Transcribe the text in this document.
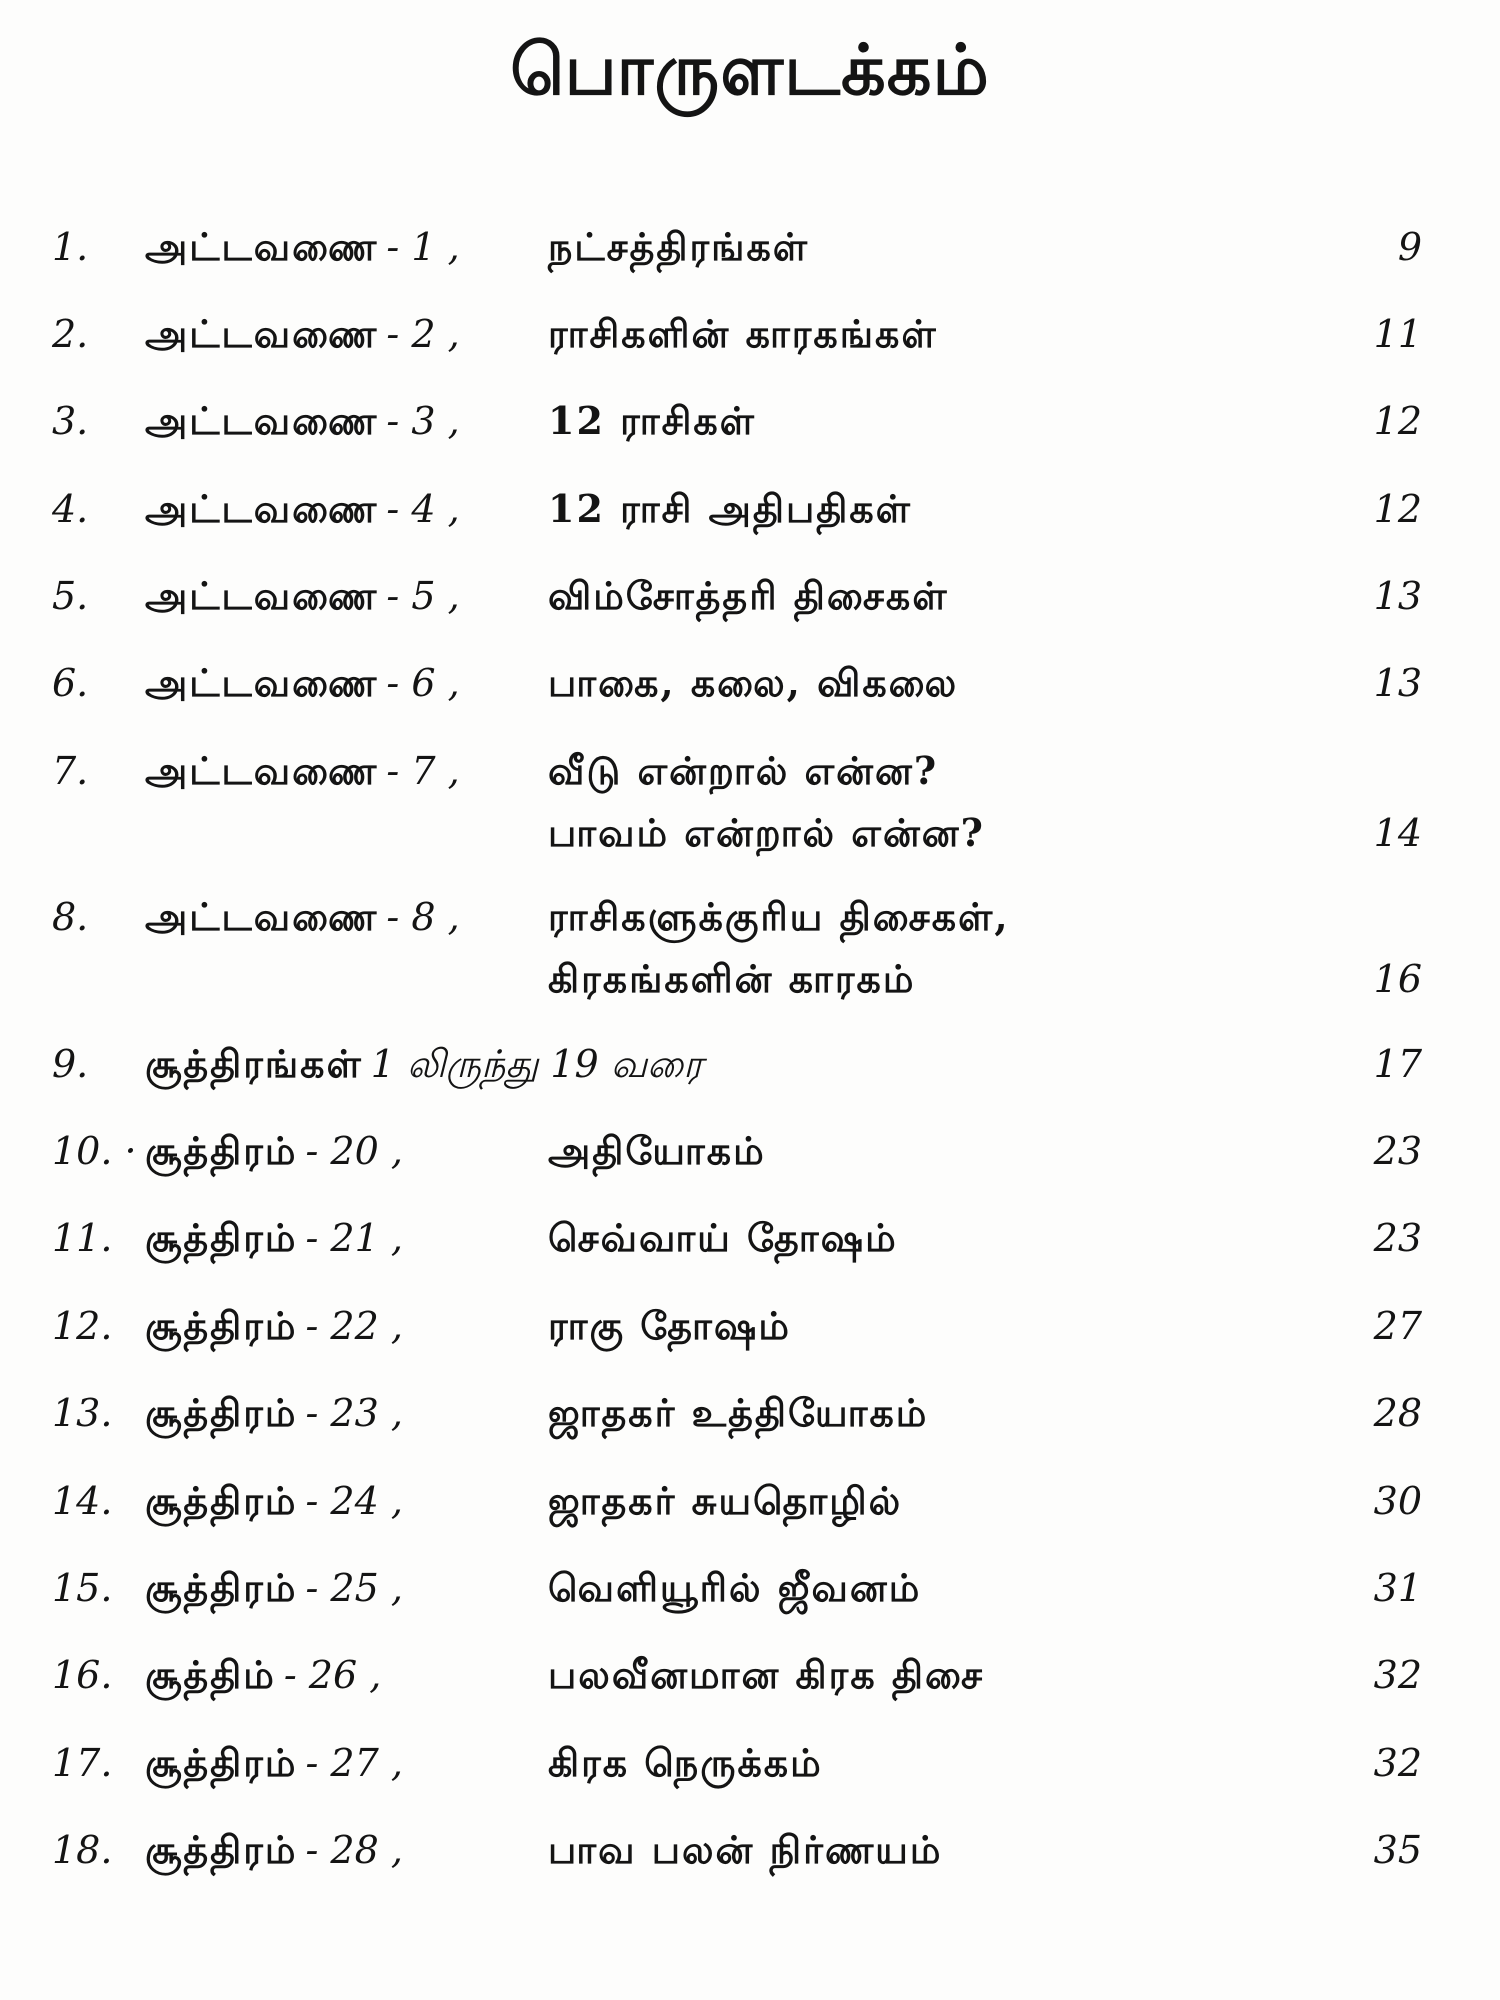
பொருளடக்கம்
1. அட்டவணை - 1 , நட்சத்திரங்கள்	9
2. அட்டவணை - 2 , ராசிகளின் காரகங்கள்	11
3. அட்டவணை - 3 , 12 ராசிகள்	12
4. அட்டவணை - 4 , 12 ராசி அதிபதிகள்	12
5. அட்டவணை - 5 , விம்சோத்தரி திசைகள்	13
6. அட்டவணை - 6 , பாகை, கலை, விகலை	13
7. அட்டவணை - 7 , வீடு என்றால் என்ன?
பாவம் என்றால் என்ன?	14
8. அட்டவணை - 8 , ராசிகளுக்குரிய திசைகள்,
கிரகங்களின் காரகம்	16
9. சூத்திரங்கள் 1 லிருந்து 19 வரை	17
10. · சூத்திரம் - 20 ,	அதியோகம்	23
11. சூத்திரம் - 21 ,	செவ்வாய் தோஷம்	23
12. சூத்திரம் - 22 ,	ராகு தோஷம்	27
13. சூத்திரம் - 23 ,	ஜாதகர் உத்தியோகம்	28
14. சூத்திரம் - 24 ,	ஜாதகர் சுயதொழில்	30
15. சூத்திரம் - 25 ,	வெளியூரில் ஜீவனம்	31
16. சூத்திம் - 26 ,	பலவீனமான கிரக திசை	32
17. சூத்திரம் - 27 ,	கிரக நெருக்கம்	32
18. சூத்திரம் - 28 ,	பாவ பலன் நிர்ணயம்	35
